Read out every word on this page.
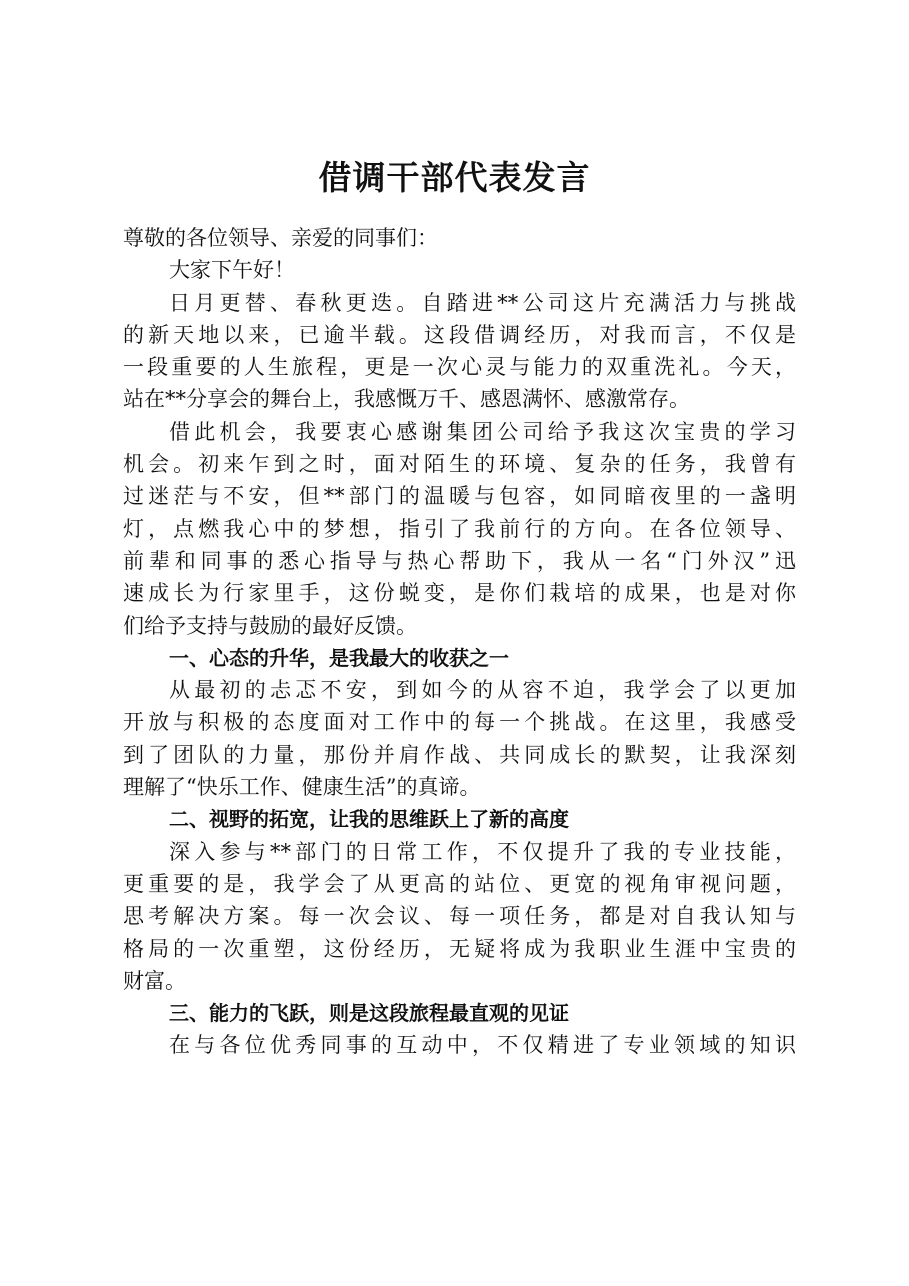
借调干部代表发言
尊敬的各位领导、亲爱的同事们：
大家下午好！
日月更替、春秋更迭。自踏进**公司这片充满活力与挑战
的新天地以来，已逾半载。这段借调经历，对我而言，不仅是
一段重要的人生旅程，更是一次心灵与能力的双重洗礼。今天，
站在**分享会的舞台上，我感慨万千、感恩满怀、感激常存。
借此机会，我要衷心感谢集团公司给予我这次宝贵的学习
机会。初来乍到之时，面对陌生的环境、复杂的任务，我曾有
过迷茫与不安，但**部门的温暖与包容，如同暗夜里的一盏明
灯，点燃我心中的梦想，指引了我前行的方向。在各位领导、
前辈和同事的悉心指导与热心帮助下，我从一名“门外汉”迅
速成长为行家里手，这份蜕变，是你们栽培的成果，也是对你
们给予支持与鼓励的最好反馈。
一、心态的升华，是我最大的收获之一
从最初的忐忑不安，到如今的从容不迫，我学会了以更加
开放与积极的态度面对工作中的每一个挑战。在这里，我感受
到了团队的力量，那份并肩作战、共同成长的默契，让我深刻
理解了“快乐工作、健康生活”的真谛。
二、视野的拓宽，让我的思维跃上了新的高度
深入参与**部门的日常工作，不仅提升了我的专业技能，
更重要的是，我学会了从更高的站位、更宽的视角审视问题，
思考解决方案。每一次会议、每一项任务，都是对自我认知与
格局的一次重塑，这份经历，无疑将成为我职业生涯中宝贵的
财富。
三、能力的飞跃，则是这段旅程最直观的见证
在与各位优秀同事的互动中，不仅精进了专业领域的知识
